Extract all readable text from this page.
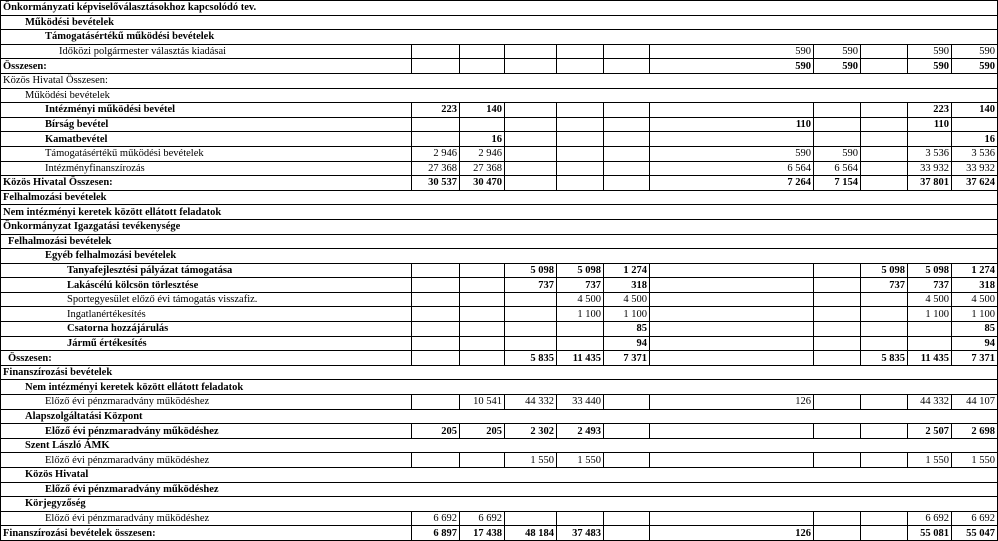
Önkormányzati képviselőválasztásokhoz kapcsolódó tev.										
Működési bevételek										
Támogatásértékű működési bevételek										
Időközi polgármester választás kiadásai						590	590		590	590
Összesen:						590	590		590	590
Közös Hivatal Összesen:										
Működési bevételek										
Intézményi működési bevétel	223	140							223	140
Bírság bevétel						110			110	
Kamatbevétel		16								16
Támogatásértékű működési bevételek	2 946	2 946				590	590		3 536	3 536
Intézményfinanszírozás	27 368	27 368				6 564	6 564		33 932	33 932
Közös Hivatal Összesen:	30 537	30 470				7 264	7 154		37 801	37 624
Felhalmozási bevételek										
Nem intézményi keretek között ellátott feladatok										
Önkormányzat Igazgatási tevékenysége										
Felhalmozási bevételek										
Egyéb felhalmozási bevételek										
Tanyafejlesztési pályázat támogatása			5 098	5 098	1 274			5 098	5 098	1 274
Lakáscélú kölcsön törlesztése			737	737	318			737	737	318
Sportegyesület előző évi támogatás visszafiz.				4 500	4 500				4 500	4 500
Ingatlanértékesítés				1 100	1 100				1 100	1 100
Csatorna hozzájárulás					85					85
Jármű értékesítés					94					94
Összesen:			5 835	11 435	7 371			5 835	11 435	7 371
Finanszírozási bevételek										
Nem intézményi keretek között ellátott feladatok										
Előző évi pénzmaradvány működéshez		10 541	44 332	33 440		126			44 332	44 107
Alapszolgáltatási Központ										
Előző évi pénzmaradvány működéshez	205	205	2 302	2 493					2 507	2 698
Szent László ÁMK										
Előző évi pénzmaradvány működéshez			1 550	1 550					1 550	1 550
Közös Hivatal										
Előző évi pénzmaradvány működéshez										
Körjegyzőség										
Előző évi pénzmaradvány működéshez	6 692	6 692							6 692	6 692
Finanszírozási bevételek összesen:	6 897	17 438	48 184	37 483		126			55 081	55 047
